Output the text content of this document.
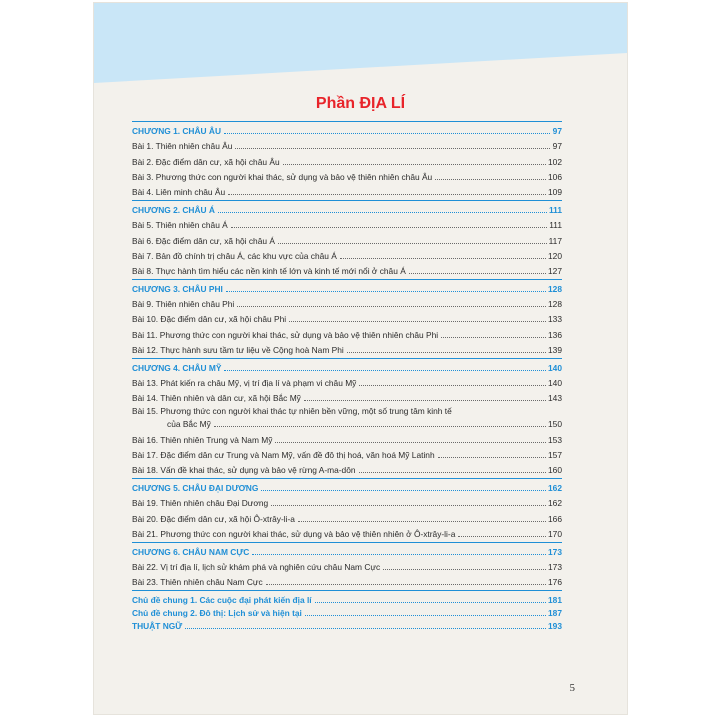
Phần ĐỊA LÍ
CHƯƠNG 1. CHÂU ÂU	97
Bài 1. Thiên nhiên châu Âu	97
Bài 2. Đặc điểm dân cư, xã hội châu Âu	102
Bài 3. Phương thức con người khai thác, sử dụng và bảo vệ thiên nhiên châu Âu	106
Bài 4. Liên minh châu Âu	109
CHƯƠNG 2. CHÂU Á	111
Bài 5. Thiên nhiên châu Á	111
Bài 6. Đặc điểm dân cư, xã hội châu Á	117
Bài 7. Bản đồ chính trị châu Á, các khu vực của châu Á	120
Bài 8. Thực hành tìm hiểu các nền kinh tế lớn và kinh tế mới nổi ở châu Á	127
CHƯƠNG 3. CHÂU PHI	128
Bài 9. Thiên nhiên châu Phi	128
Bài 10. Đặc điểm dân cư, xã hội châu Phi	133
Bài 11. Phương thức con người khai thác, sử dụng và bảo vệ thiên nhiên châu Phi	136
Bài 12. Thực hành sưu tầm tư liệu về Cộng hoà Nam Phi	139
CHƯƠNG 4. CHÂU MỸ	140
Bài 13. Phát kiến ra châu Mỹ, vị trí địa lí và phạm vi châu Mỹ	140
Bài 14. Thiên nhiên và dân cư, xã hội Bắc Mỹ	143
Bài 15. Phương thức con người khai thác tự nhiên bền vững, một số trung tâm kinh tế
của Bắc Mỹ	150
Bài 16. Thiên nhiên Trung và Nam Mỹ	153
Bài 17. Đặc điểm dân cư Trung và Nam Mỹ, vấn đề đô thị hoá, văn hoá Mỹ Latinh	157
Bài 18. Vấn đề khai thác, sử dụng và bảo vệ rừng A-ma-dôn	160
CHƯƠNG 5. CHÂU ĐẠI DƯƠNG	162
Bài 19. Thiên nhiên châu Đại Dương	162
Bài 20. Đặc điểm dân cư, xã hội Ô-xtrây-li-a	166
Bài 21. Phương thức con người khai thác, sử dụng và bảo vệ thiên nhiên ở Ô-xtrây-li-a	170
CHƯƠNG 6. CHÂU NAM CỰC	173
Bài 22. Vị trí địa lí, lịch sử khám phá và nghiên cứu châu Nam Cực	173
Bài 23. Thiên nhiên châu Nam Cực	176
Chủ đề chung 1. Các cuộc đại phát kiến địa lí	181
Chủ đề chung 2. Đô thị: Lịch sử và hiện tại	187
THUẬT NGỮ	193
5
